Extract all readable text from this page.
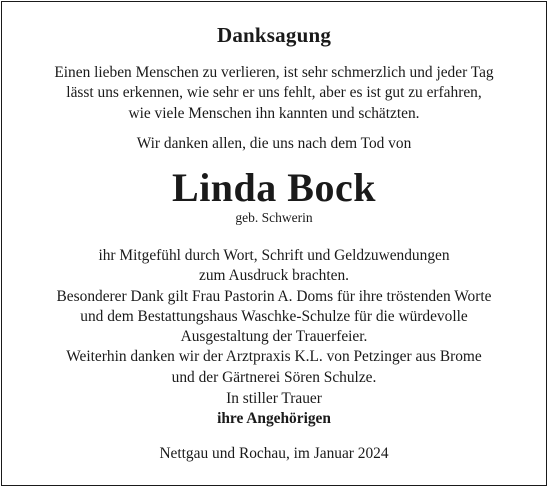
Danksagung
Einen lieben Menschen zu verlieren, ist sehr schmerzlich und jeder Tag
lässt uns erkennen, wie sehr er uns fehlt, aber es ist gut zu erfahren,
wie viele Menschen ihn kannten und schätzten.
Wir danken allen, die uns nach dem Tod von
Linda Bock
geb. Schwerin
ihr Mitgefühl durch Wort, Schrift und Geldzuwendungen
zum Ausdruck brachten.
Besonderer Dank gilt Frau Pastorin A. Doms für ihre tröstenden Worte
und dem Bestattungshaus Waschke-Schulze für die würdevolle
Ausgestaltung der Trauerfeier.
Weiterhin danken wir der Arztpraxis K.L. von Petzinger aus Brome
und der Gärtnerei Sören Schulze.
In stiller Trauer
ihre Angehörigen
Nettgau und Rochau, im Januar 2024
